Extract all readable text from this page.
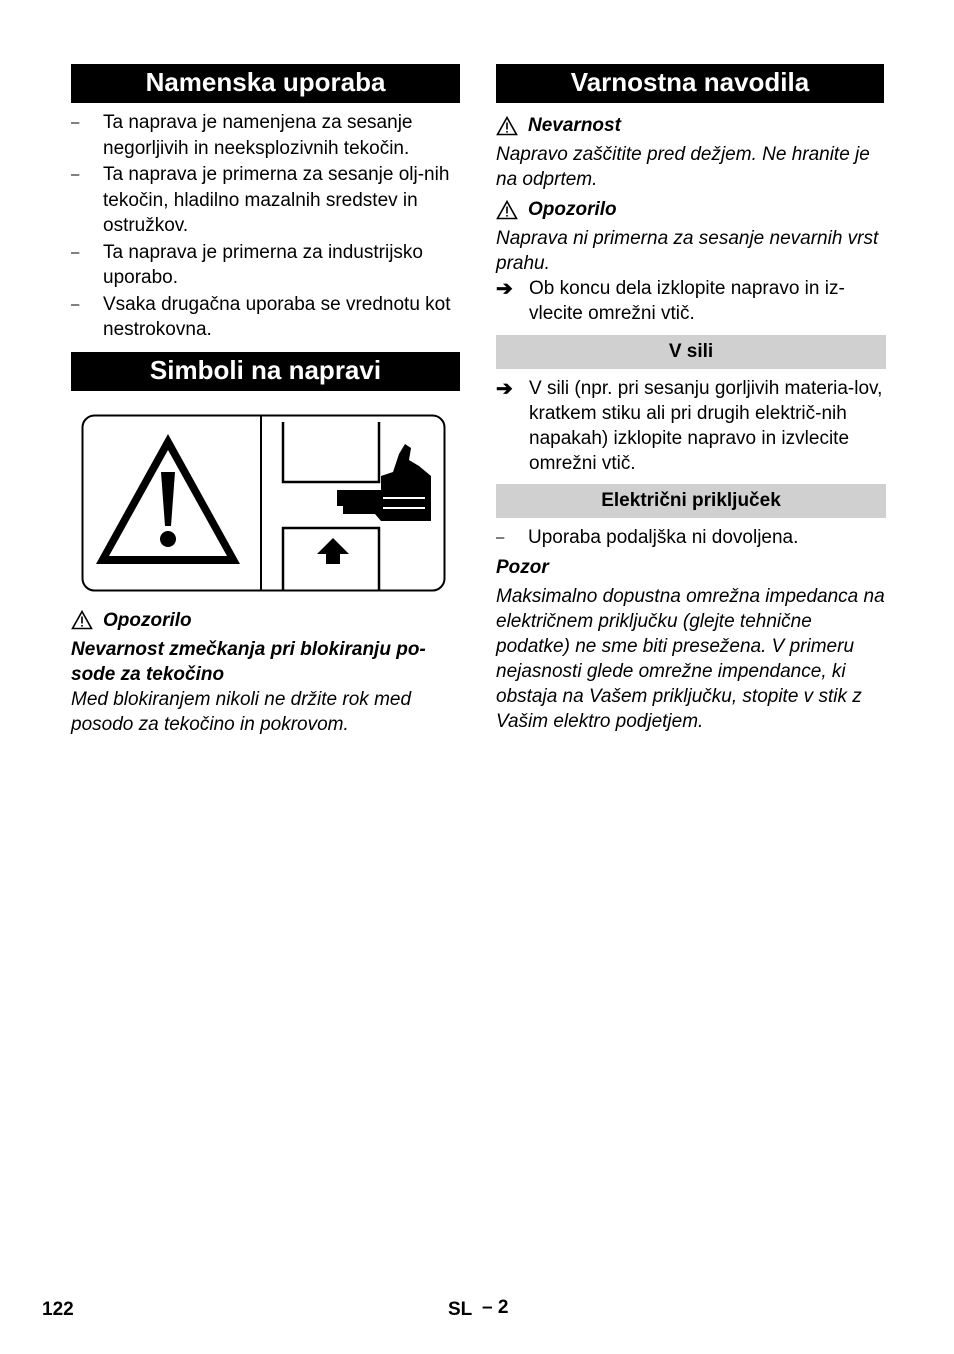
Namenska uporaba
– Ta naprava je namenjena za sesanje negorljivih in neeksplozivnih tekočin.
– Ta naprava je primerna za sesanje olj-nih tekočin, hladilno mazalnih sredstev in ostružkov.
– Ta naprava je primerna za industrijsko uporabo.
– Vsaka drugačna uporaba se vrednotu kot nestrokovna.
Simboli na napravi
Opozorilo
Nevarnost zmečkanja pri blokiranju po-sode za tekočino
Med blokiranjem nikoli ne držite rok med posodo za tekočino in pokrovom.
Varnostna navodila
Nevarnost
Napravo zaščitite pred dežjem. Ne hranite je na odprtem.
Opozorilo
Naprava ni primerna za sesanje nevarnih vrst prahu.
➔ Ob koncu dela izklopite napravo in iz-vlecite omrežni vtič.
V sili
➔ V sili (npr. pri sesanju gorljivih materia-lov, kratkem stiku ali pri drugih električ-nih napakah) izklopite napravo in izvlecite omrežni vtič.
Električni priključek
– Uporaba podaljška ni dovoljena.
Pozor
Maksimalno dopustna omrežna impedanca na električnem priključku (glejte tehnične podatke) ne sme biti presežena. V primeru nejasnosti glede omrežne impendance, ki obstaja na Vašem priključku, stopite v stik z Vašim elektro podjetjem.
122	SL – 2
